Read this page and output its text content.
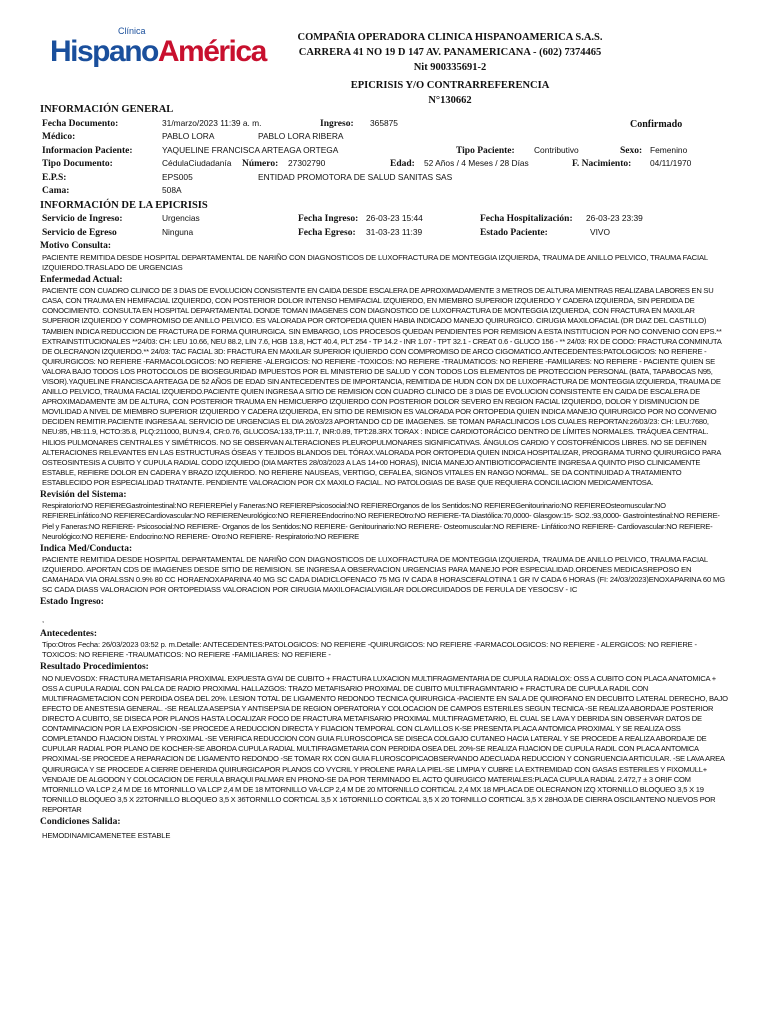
Clínica
HispanoAmérica	COMPAÑIA OPERADORA CLINICA HISPANOAMERICA S.A.S.
CARRERA 41 NO 19 D 147 AV. PANAMERICANA - (602) 7374465
Nit 900335691-2
EPICRISIS Y/O CONTRARREFERENCIA
N°130662
INFORMACIÓN GENERAL
Fecha Documento:	31/marzo/2023 11:39 a. m.	Ingreso: 365875	Confirmado
Médico:	PABLO LORA	PABLO LORA RIBERA
Informacion Paciente:	YAQUELINE FRANCISCA ARTEAGA ORTEGA	Tipo Paciente: Contributivo	Sexo: Femenino
Tipo Documento:	CédulaCiudadanía Número: 27302790	Edad: 52 Años / 4 Meses / 28 Días	F. Nacimiento: 04/11/1970
E.P.S:	EPS005	ENTIDAD PROMOTORA DE SALUD SANITAS SAS
Cama:	508A
INFORMACIÓN DE LA EPICRISIS
Servicio de Ingreso:	Urgencias	Fecha Ingreso: 26-03-23 15:44	Fecha Hospitalización: 26-03-23 23:39
Servicio de Egreso	Ninguna	Fecha Egreso: 31-03-23 11:39	Estado Paciente:	VIVO
Motivo Consulta:
PACIENTE REMITIDA DESDE HOSPITAL DEPARTAMENTAL DE NARIÑO CON DIAGNOSTICOS DE LUXOFRACTURA DE MONTEGGIA IZQUIERDA, TRAUMA DE ANILLO PELVICO, TRAUMA FACIAL IZQUIERDO.TRASLADO DE URGENCIAS
Enfermedad Actual:
PACIENTE CON CUADRO CLINICO DE 3 DIAS DE EVOLUCION CONSISTENTE EN CAIDA DESDE ESCALERA DE APROXIMADAMENTE 3 METROS DE ALTURA MIENTRAS REALIZABA LABORES EN SU CASA, CON TRAUMA EN HEMIFACIAL IZQUIERDO, CON POSTERIOR DOLOR INTENSO HEMIFACIAL IZQUIERDO, EN MIEMBRO SUPERIOR IZQUIERDO Y CADERA IZQUIERDA, SIN PERDIDA DE CONOCIMIENTO. CONSULTA EN HOSPITAL DEPARTAMENTAL DONDE TOMAN IMAGENES CON DIAGNOSTICO DE LUXOFRACTURA DE MONTEGGIA IZQUIERDA, CON FRACTURA EN MAXILAR SUPERIOR IZQUIERDO Y COMPROMISO DE ANILLO PELVICO. ES VALORADA POR ORTOPEDIA QUIEN HABIA INDICADO MANEJO QUIRURGICO. CIRUGIA MAXILOFACIAL (DR DIAZ DEL CASTILLO) TAMBIEN INDICA REDUCCION DE FRACTURA DE FORMA QUIRURGICA. SIN EMBARGO, LOS PROCESOS QUEDAN PENDIENTES POR REMISION A ESTA INSTITUCION POR NO CONVENIO CON EPS.** EXTRAINSTITUCIONALES **24/03: CH: LEU 10.66, NEU 88.2, LIN 7.6, HGB 13.8, HCT 40.4, PLT 254 - TP 14.2 - INR 1.07 - TPT 32.1 - CREAT 0.6 - GLUCO 156 - ** 24/03: RX DE CODO: FRACTURA CONMINUTA DE OLECRANON IZQUIERDO.** 24/03: TAC FACIAL 3D: FRACTURA EN MAXILAR SUPERIOR IQUIERDO CON COMPROMISO DE ARCO CIGOMATICO.ANTECEDENTES:PATOLOGICOS: NO REFIERE -QUIRURGICOS: NO REFIERE -FARMACOLOGICOS: NO REFIERE -ALERGICOS: NO REFIERE -TOXICOS: NO REFIERE -TRAUMATICOS: NO REFIERE -FAMILIARES: NO REFIERE - PACIENTE QUIEN SE VALORA BAJO TODOS LOS PROTOCOLOS DE BIOSEGURIDAD IMPUESTOS POR EL MINISTERIO DE SALUD Y CON TODOS LOS ELEMENTOS DE PROTECCION PERSONAL (BATA, TAPABOCAS N95, VISOR).YAQUELINE FRANCISCA ARTEAGA DE 52 AÑOS DE EDAD SIN ANTECEDENTES DE IMPORTANCIA, REMITIDA DE HUDN CON DX DE LUXOFRACTURA DE MONTEGGIA IZQUIERDA, TRAUMA DE ANILLO PELVICO, TRAUMA FACIAL IZQUIERDO.PACIENTE QUIEN INGRESA A SITIO DE REMISION CON CUADRO CLINICO DE 3 DIAS DE EVOLUCION CONSISTENTE EN CAIDA DE ESCALERA DE APROXIMADAMENTE 3M DE ALTURA, CON POSTERIOR TRAUMA EN HEMICUERPO IZQUIERDO CON POSTERIOR DOLOR SEVERO EN REGION FACIAL IZQUIERDO, DOLOR Y DISMINUCION DE MOVILIDAD A NIVEL DE MIEMBRO SUPERIOR IZQUIERDO Y CADERA IZQUIERDA, EN SITIO DE REMISION ES VALORADA POR ORTOPEDIA QUIEN INDICA MANEJO QUIRURGICO POR NO CONVENIO DECIDEN REMITIR.PACIENTE INGRESA AL SERVICIO DE URGENCIAS EL DIA 26/03/23 APORTANDO CD DE IMAGENES. SE TOMAN PARACLINICOS LOS CUALES REPORTAN:26/03/23: CH: LEU:7680, NEU:85, HB:11.9, HCTO:35.8, PLQ:211000, BUN:9.4, CR:0.76, GLUCOSA:133,TP:11.7, INR:0.89, TPT:28.3RX TORAX : INDICE CARDIOTORÁCICO DENTRO DE LÍMITES NORMALES. TRÁQUEA CENTRAL. HILIOS PULMONARES CENTRALES Y SIMÉTRICOS. NO SE OBSERVAN ALTERACIONES PLEUROPULMONARES SIGNIFICATIVAS. ÁNGULOS CARDIO Y COSTOFRÉNICOS LIBRES. NO SE DEFINEN ALTERACIONES RELEVANTES EN LAS ESTRUCTURAS ÓSEAS Y TEJIDOS BLANDOS DEL TÓRAX.VALORADA POR ORTOPEDIA QUIEN INDICA HOSPITALIZAR, PROGRAMA TURNO QUIRURGICO PARA OSTEOSINTESIS A CUBITO Y CUPULA RADIAL CODO IZQUIEDO (DIA MARTES 28/03/2023 A LAS 14+00 HORAS), INICIA MANEJO ANTIBIOTICOPACIENTE INGRESA A QUINTO PISO CLINICAMENTE ESTABLE, REFIERE DOLOR EN CADERA Y BRAZO IZQUIERDO. NO REFIERE NAUSEAS, VERTIGO, CEFALEA, SIGNOS VITALES EN RANGO NORMAL. SE DA CONTINUIDAD A TRATAMIENTO ESTABLECIDO POR ESPECIALIDAD TRATANTE. PENDIENTE VALORACION POR CX MAXILO FACIAL. NO PATOLOGIAS DE BASE QUE REQUIERA CONCILIACION MEDICAMENTOSA.
Revisión del Sistema:
Respiratorio:NO REFIEREGastrointestinal:NO REFIEREPiel y Faneras:NO REFIEREPsicosocial:NO REFIEREOrganos de los Sentidos:NO REFIEREGenitourinario:NO REFIEREOsteomuscular:NO REFIERELinfático:NO REFIERECardiovascular:NO REFIERENeurológico:NO REFIEREEndocrino:NO REFIEREOtro:NO REFIERE-TA Diastólica:70,0000- Glasgow:15- SO2.:93,0000- Gastrointestinal:NO REFIERE- Piel y Faneras:NO REFIERE- Psicosocial:NO REFIERE- Organos de los Sentidos:NO REFIERE- Genitourinario:NO REFIERE- Osteomuscular:NO REFIERE- Linfático:NO REFIERE- Cardiovascular:NO REFIERE- Neurológico:NO REFIERE- Endocrino:NO REFIERE- Otro:NO REFIERE- Respiratorio:NO REFIERE
Indica Med/Conducta:
PACIENTE REMITIDA DESDE HOSPITAL DEPARTAMENTAL DE NARIÑO CON DIAGNOSTICOS DE LUXOFRACTURA DE MONTEGGIA IZQUIERDA, TRAUMA DE ANILLO PELVICO, TRAUMA FACIAL IZQUIERDO. APORTAN CDS DE IMAGENES DESDE SITIO DE REMISION. SE INGRESA A OBSERVACION URGENCIAS PARA MANEJO POR ESPECIALIDAD.ORDENES MEDICASREPOSO EN CAMAHADA VIA ORALSSN 0.9% 80 CC HORAENOXAPARINA 40 MG SC CADA DIADICLOFENACO 75 MG IV CADA 8 HORASCEFALOTINA 1 GR IV CADA 6 HORAS (FI: 24/03/2023)ENOXAPARINA 60 MG SC CADA DIASS VALORACION POR ORTOPEDIASS VALORACION POR CIRUGIA MAXILOFACIALVIGILAR DOLORCUIDADOS DE FERULA DE YESOCSV - IC
Estado Ingreso:
,
Antecedentes:
Tipo:Otros Fecha: 26/03/2023 03:52 p. m.Detalle: ANTECEDENTES:PATOLOGICOS: NO REFIERE -QUIRURGICOS: NO REFIERE -FARMACOLOGICOS: NO REFIERE - ALERGICOS: NO REFIERE -TOXICOS: NO REFIERE -TRAUMATICOS: NO REFIERE -FAMILIARES: NO REFIERE -
Resultado Procedimientos:
NO NUEVOSDX: FRACTURA METAFISARIA PROXIMAL EXPUESTA GYAI DE CUBITO + FRACTURA LUXACION MULTIFRAGMENTARIA DE CUPULA RADIALOX: OSS A CUBITO CON PLACA ANATOMICA + OSS A CUPULA RADIAL CON PALCA DE RADIO PROXIMAL HALLAZGOS: TRAZO METAFISARIO PROXIMAL DE CUBITO MULTIFRAGMNTARIO + FRACTURA DE CUPULA RADIL CON MULTIFRAGMETACION CON PERDIDA OSEA DEL 20%. LESION TOTAL DE LIGAMENTO REDONDO TECNICA QUIRURGICA -PACIENTE EN SALA DE QUIROFANO EN DECUBITO LATERAL DERECHO, BAJO EFECTO DE ANESTESIA GENERAL. -SE REALIZA ASEPSIA Y ANTISEPSIA DE REGION OPERATORIA Y COLOCACION DE CAMPOS ESTERILES SEGUN TECNICA -SE REALIZA ABORDAJE POSTERIOR DIRECTO A CUBITO, SE DISECA POR PLANOS HASTA LOCALIZAR FOCO DE FRACTURA METAFISARIO PROXIMAL MULTIFRAGMETARIO, EL CUAL SE LAVA Y DEBRIDA SIN OBSERVAR DATOS DE CONTAMINACION POR LA EXPOSICION -SE PROCEDE A REDUCCION DIRECTA Y FIJACION TEMPORAL CON CLAVILLOS K-SE PRESENTA PLACA ANTOMICA PROXIMAL Y SE REALIZA OSS COMPLETANDO FIJACION DISTAL Y PROXIMAL -SE VERIFICA REDUCCION CON GUIA FLUROSCOPICA SE DISECA COLGAJO CUTANEO HACIA LATERAL Y SE PROCEDE A REALIZA ABORDAJE DE CUPULAR RADIAL POR PLANO DE KOCHER-SE ABORDA CUPULA RADIAL MULTIFRAGMETARIA CON PERDIDA OSEA DEL 20%-SE REALIZA FIJACION DE CUPULA RADIL CON PLACA ANTOMICA PROXIMAL-SE PROCEDE A REPARACION DE LIGAMENTO REDONDO -SE TOMAR RX CON GUIA FLUROSCOPICAOBSERVANDO ADECUADA REDUCCION Y CONGRUENCIA ARTICULAR. -SE LAVA AREA QUIRURGICA Y SE PROCEDE A CIERRE DEHERIDA QUIRURGICAPOR PLANOS CO VYCRIL Y PROLENE PARA LA PIEL-SE LIMPIA Y CUBRE LA EXTREMIDAD CON GASAS ESTERILES Y FIXOMULL+ VENDAJE DE ALGODON Y COLOCACION DE FERULA BRAQUI PALMAR EN PRONO-SE DA POR TERMINADO EL ACTO QUIRUGICO MATERIALES:PLACA CUPULA RADIAL 2.472,7 ± 3 ORIF COM MTORNILLO VA LCP 2,4 M DE 16 MTORNILLO VA LCP 2,4 M DE 18 MTORNILLO VA-LCP 2,4 M DE 20 MTORNILLO CORTICAL 2,4 MX 18 MPLACA DE OLECRANON IZQ XTORNILLO BLOQUEO 3,5 X 19 TORNILLO BLOQUEO 3,5 X 22TORNILLO BLOQUEO 3,5 X 36TORNILLO CORTICAL 3,5 X 16TORNILLO CORTICAL 3,5 X 20 TORNILLO CORTICAL 3,5 X 28HOJA DE CIERRA OSCILANTENO NUEVOS POR REPORTAR
Condiciones Salida:
HEMODINAMICAMENETEE ESTABLE
